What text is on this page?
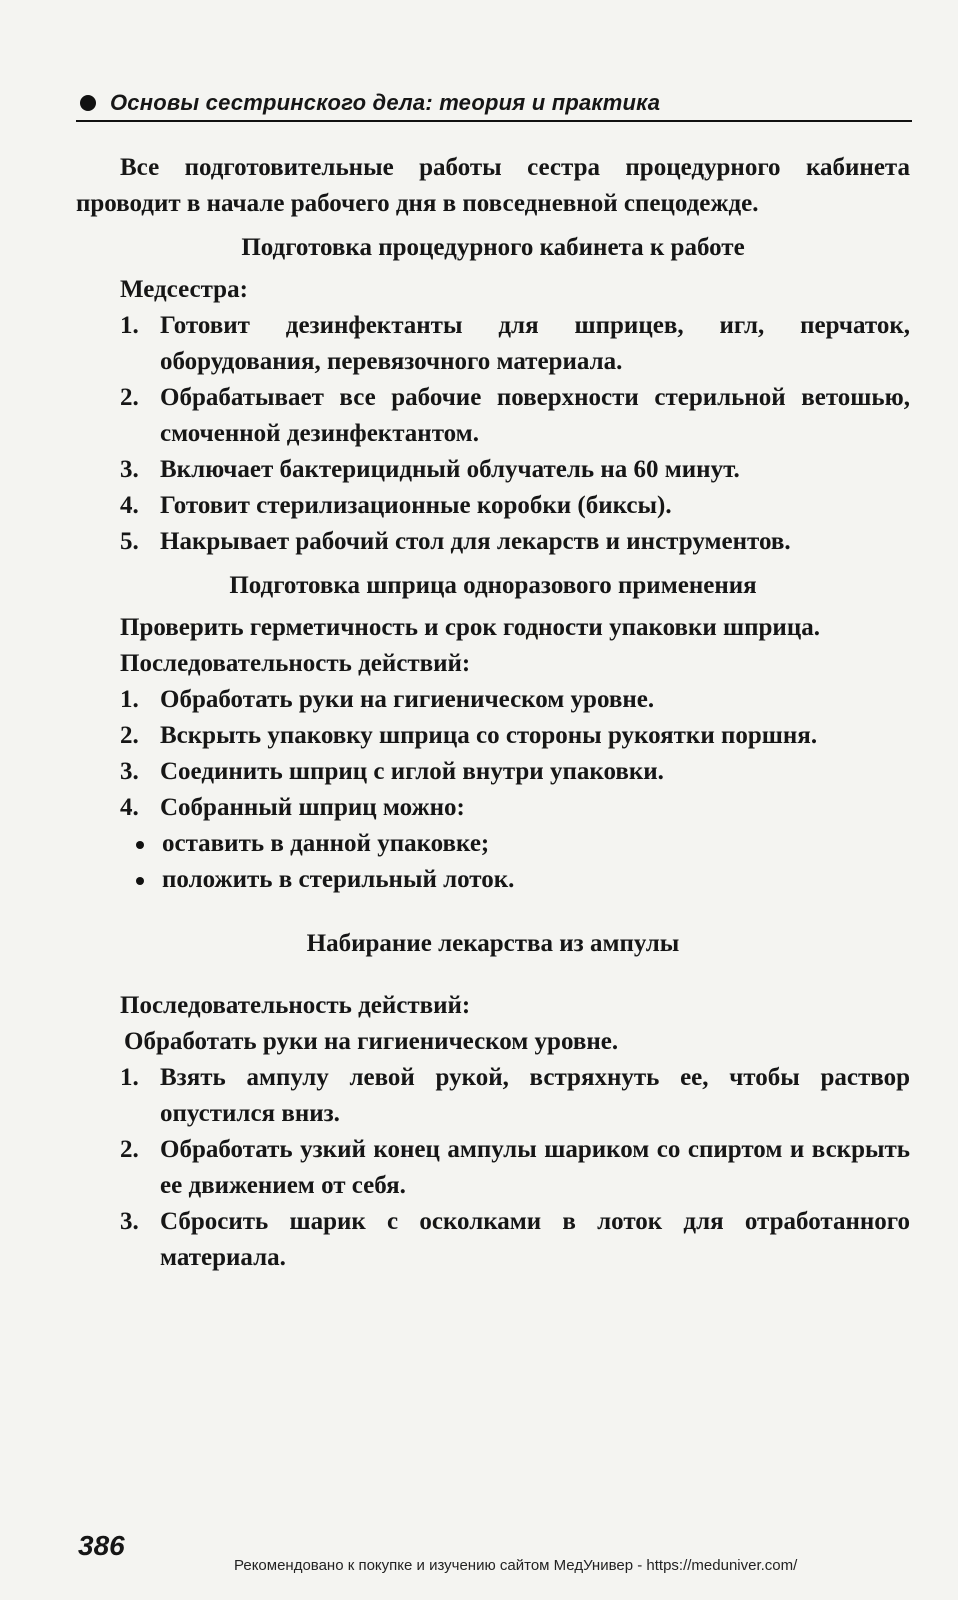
Основы сестринского дела: теория и практика

Все подготовительные работы сестра процедурного кабинета проводит в начале рабочего дня в повседневной спецодежде.

Подготовка процедурного кабинета к работе

Медсестра:

1. Готовит дезинфектанты для шприцев, игл, перчаток, оборудования, перевязочного материала.
2. Обрабатывает все рабочие поверхности стерильной ветошью, смоченной дезинфектантом.
3. Включает бактерицидный облучатель на 60 минут.
4. Готовит стерилизационные коробки (биксы).
5. Накрывает рабочий стол для лекарств и инструментов.
Подготовка шприца одноразового применения

Проверить герметичность и срок годности упаковки шприца.

Последовательность действий:

1. Обработать руки на гигиеническом уровне.
2. Вскрыть упаковку шприца со стороны рукоятки поршня.
3. Соединить шприц с иглой внутри упаковки.
4. Собранный шприц можно:
оставить в данной упаковке;
положить в стерильный лоток.
Набирание лекарства из ампулы

Последовательность действий:

Обработать руки на гигиеническом уровне.

1. Взять ампулу левой рукой, встряхнуть ее, чтобы раствор опустился вниз.
2. Обработать узкий конец ампулы шариком со спиртом и вскрыть ее движением от себя.
3. Сбросить шарик с осколками в лоток для отработанного материала.
386
Рекомендовано к покупке и изучению сайтом МедУнивер - https://meduniver.com/
